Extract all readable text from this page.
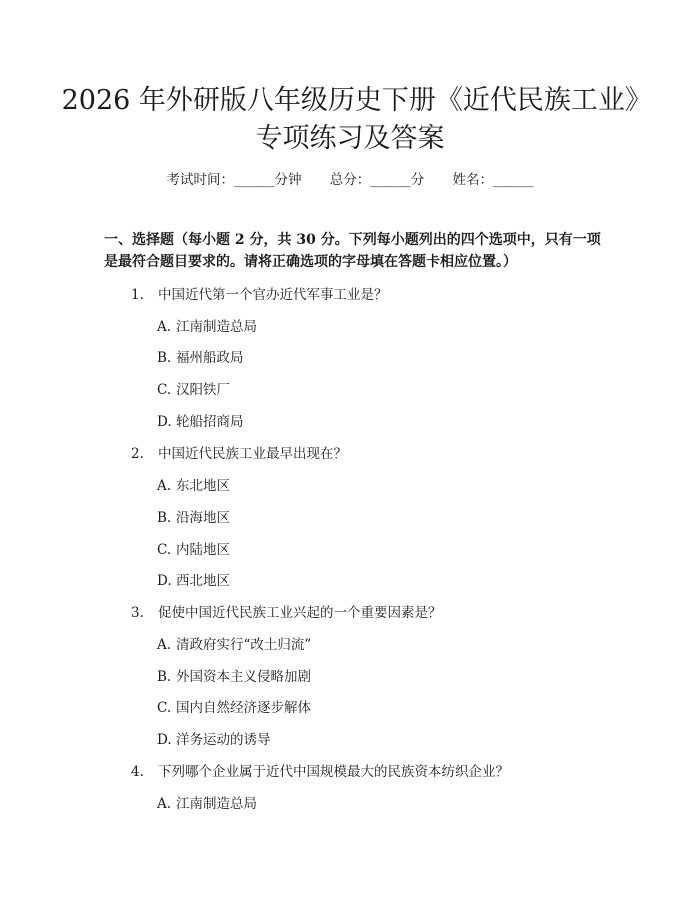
2026 年外研版八年级历史下册《近代民族工业》专项练习及答案
考试时间：______分钟 总分：______分 姓名：______

一、选择题（每小题 2 分，共 30 分。下列每小题列出的四个选项中，只有一项是最符合题目要求的。请将正确选项的字母填在答题卡相应位置。）

1. 中国近代第一个官办近代军事工业是？
A. 江南制造总局
B. 福州船政局
C. 汉阳铁厂
D. 轮船招商局
2. 中国近代民族工业最早出现在？
A. 东北地区
B. 沿海地区
C. 内陆地区
D. 西北地区
3. 促使中国近代民族工业兴起的一个重要因素是？
A. 清政府实行“改土归流”
B. 外国资本主义侵略加剧
C. 国内自然经济逐步解体
D. 洋务运动的诱导
4. 下列哪个企业属于近代中国规模最大的民族资本纺织企业？
A. 江南制造总局
